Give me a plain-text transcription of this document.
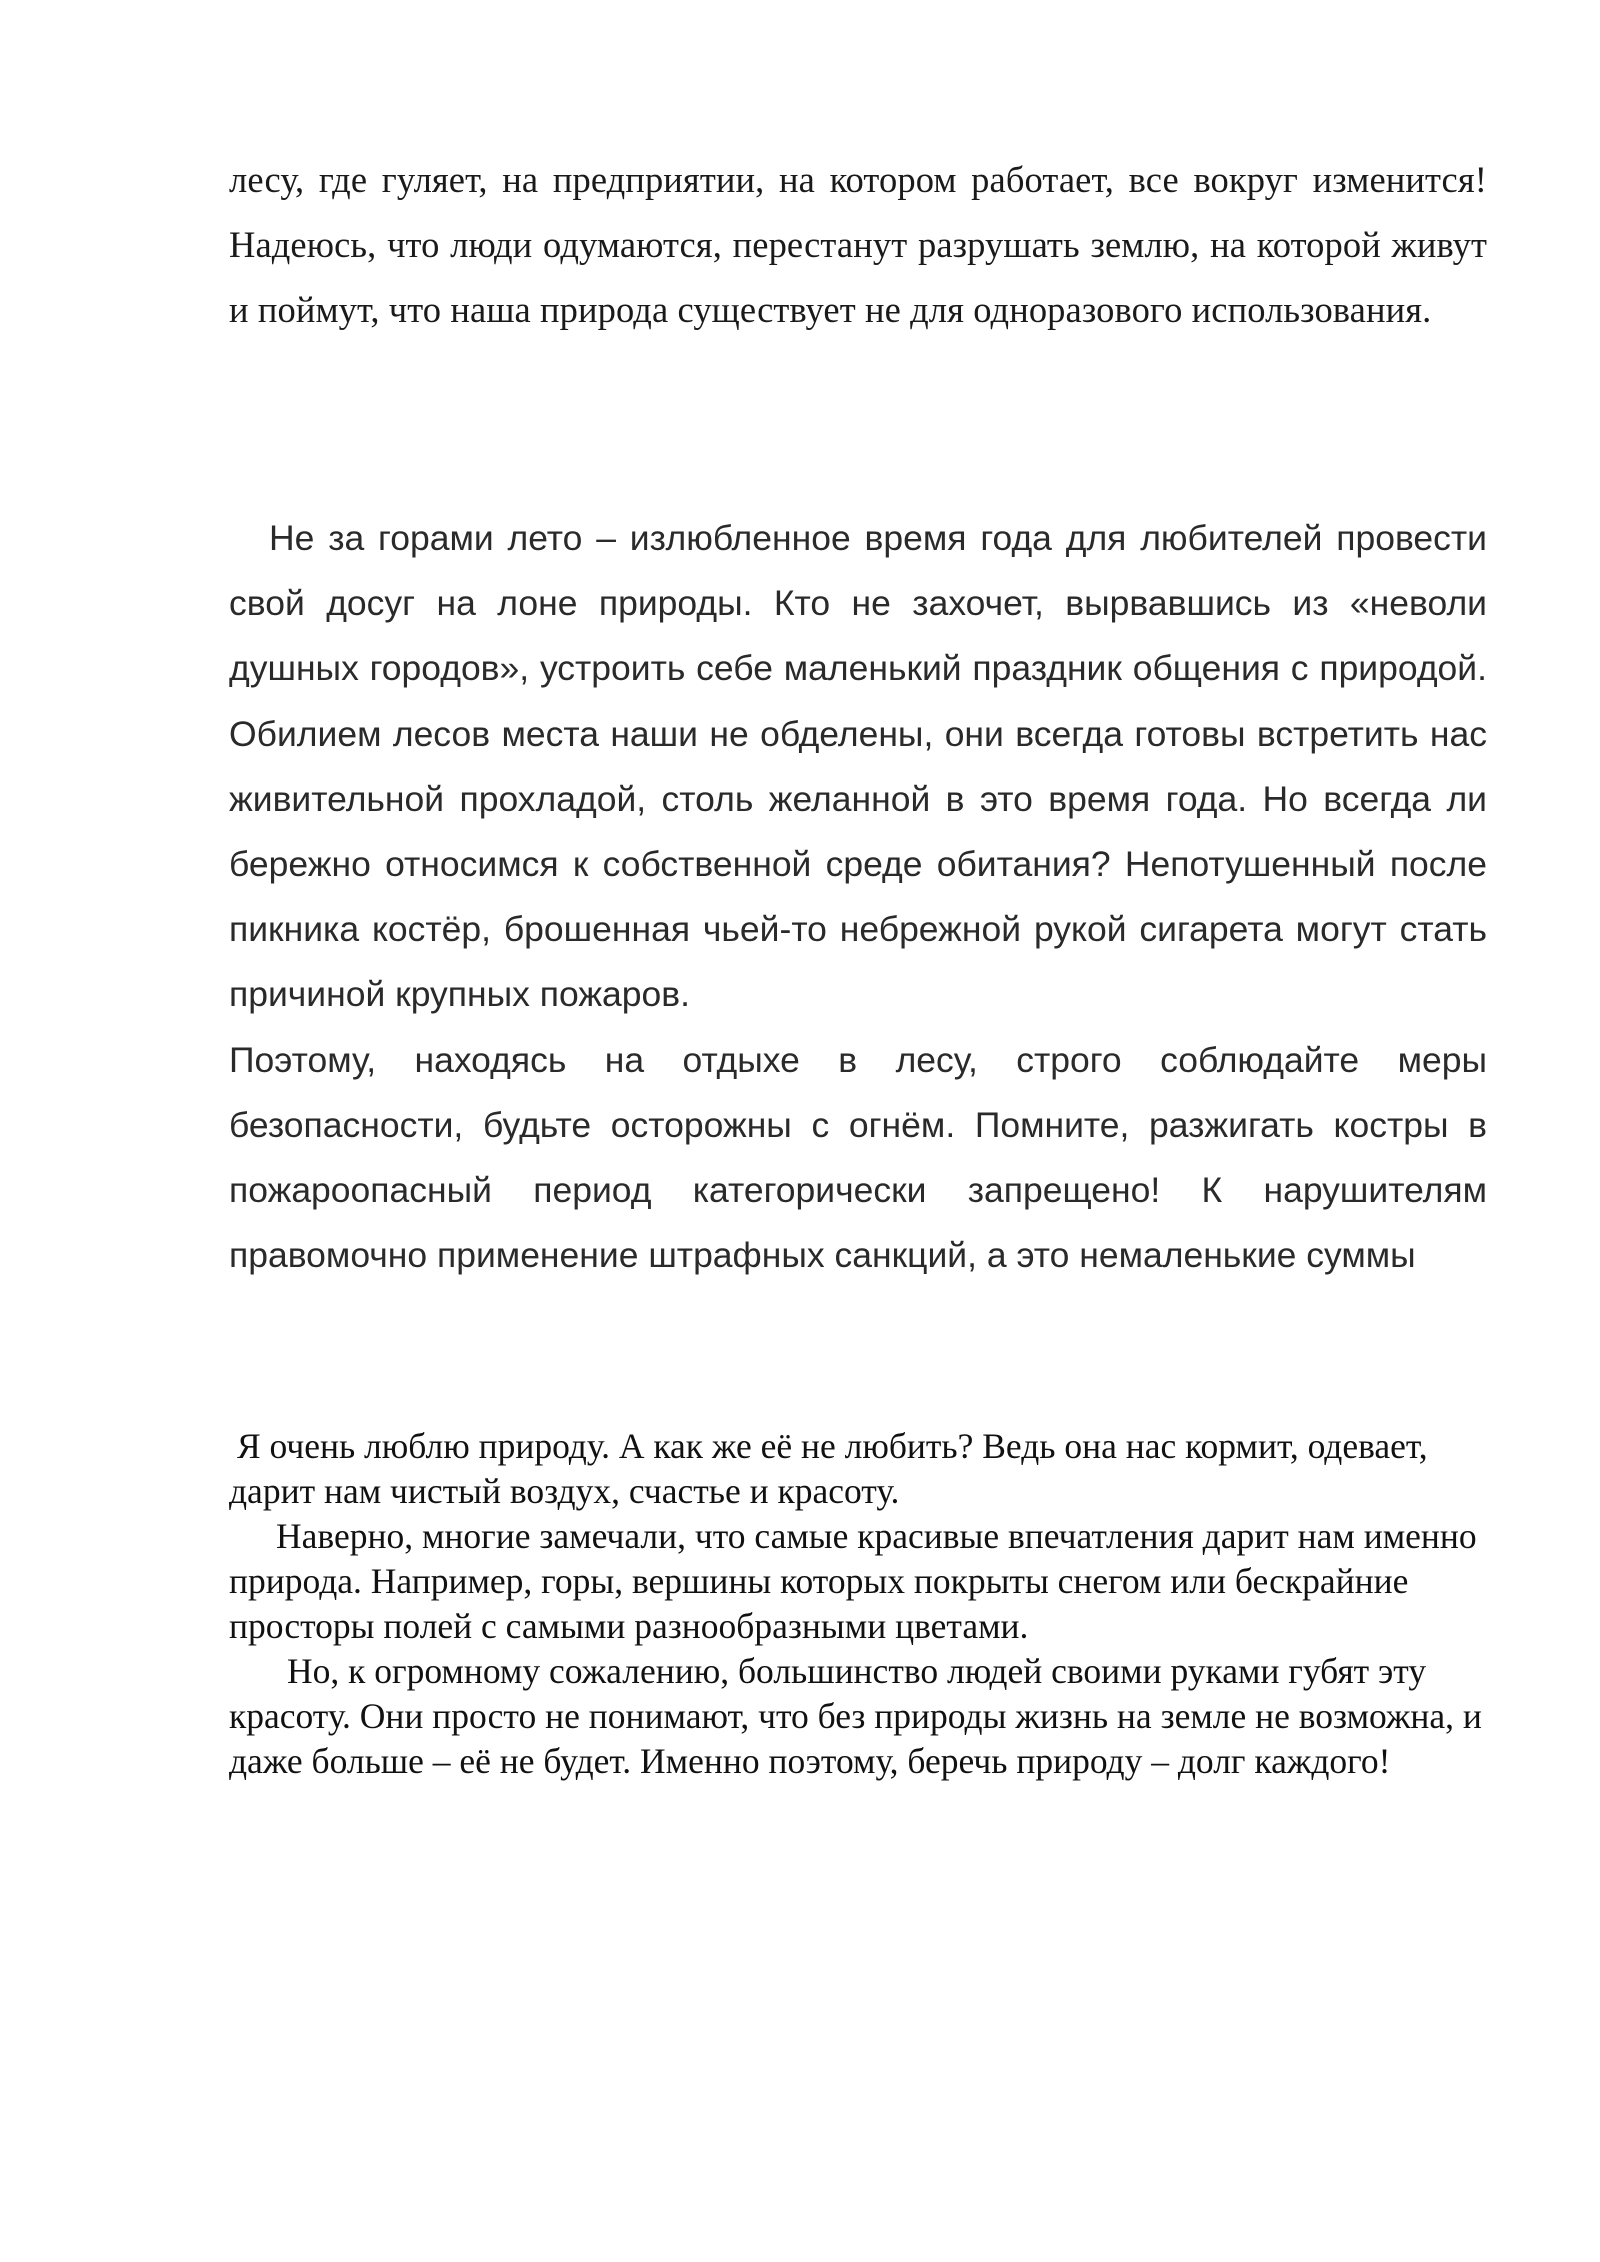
лесу, где гуляет, на предприятии, на котором работает, все вокруг изменится! Надеюсь, что люди одумаются, перестанут разрушать землю, на которой живут и поймут, что наша природа существует не для одноразового использования.

Не за горами лето – излюбленное время года для любителей провести свой досуг на лоне природы. Кто не захочет, вырвавшись из «неволи душных городов», устроить себе маленький праздник общения с природой. Обилием лесов места наши не обделены, они всегда готовы встретить нас живительной прохладой, столь желанной в это время года. Но всегда ли бережно относимся к собственной среде обитания? Непотушенный после пикника костёр, брошенная чьей-то небрежной рукой сигарета могут стать причиной крупных пожаров.

Поэтому, находясь на отдыхе в лесу, строго соблюдайте меры безопасности, будьте осторожны с огнём. Помните, разжигать костры в пожароопасный период категорически запрещено! К нарушителям правомочно применение штрафных санкций, а это немаленькие суммы

Я очень люблю природу. А как же её не любить? Ведь она нас кормит, одевает, дарит нам чистый воздух, счастье и красоту.

Наверно, многие замечали, что самые красивые впечатления дарит нам именно природа. Например, горы, вершины которых покрыты снегом или бескрайние просторы полей с самыми разнообразными цветами.

Но, к огромному сожалению, большинство людей своими руками губят эту красоту. Они просто не понимают, что без природы жизнь на земле не возможна, и даже больше – её не будет. Именно поэтому, беречь природу – долг каждого!
